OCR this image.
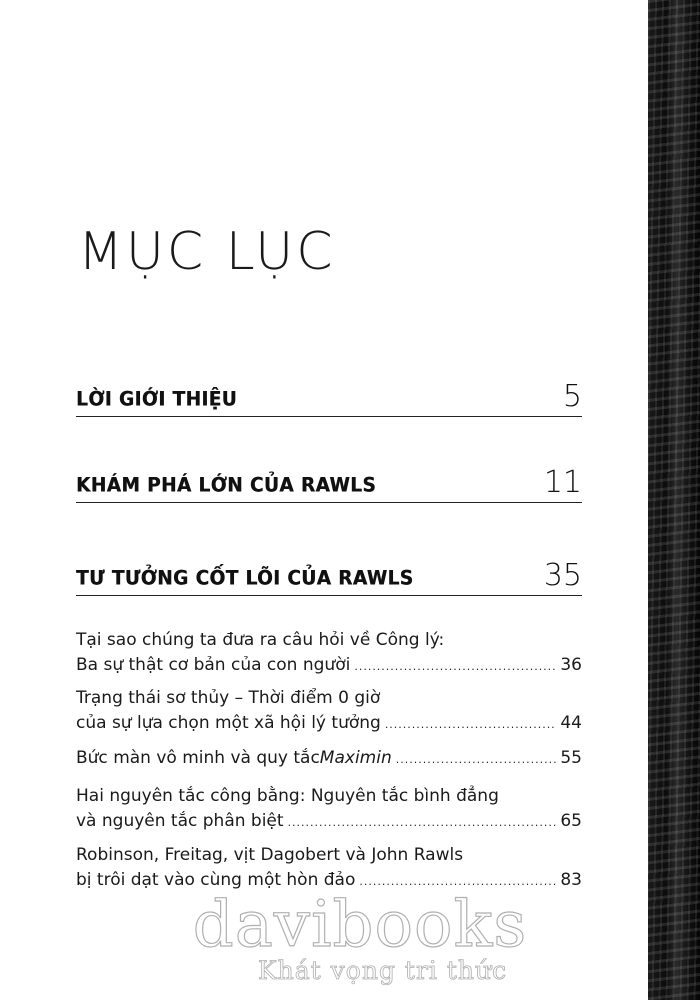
MỤC LỤC
LỜI GIỚI THIỆU	5
KHÁM PHÁ LỚN CỦA RAWLS	11
TƯ TƯỞNG CỐT LÕI CỦA RAWLS	35
Tại sao chúng ta đưa ra câu hỏi về Công lý:
Ba sự thật cơ bản của con người .....	36
Trạng thái sơ thủy – Thời điểm 0 giờ
của sự lựa chọn một xã hội lý tưởng .....	44
Bức màn vô minh và quy tắc Maximin .....	55
Hai nguyên tắc công bằng: Nguyên tắc bình đẳng
và nguyên tắc phân biệt .....	65
Robinson, Freitag, vịt Dagobert và John Rawls
bị trôi dạt vào cùng một hòn đảo .....	83
davibooks
Khát vọng tri thức
